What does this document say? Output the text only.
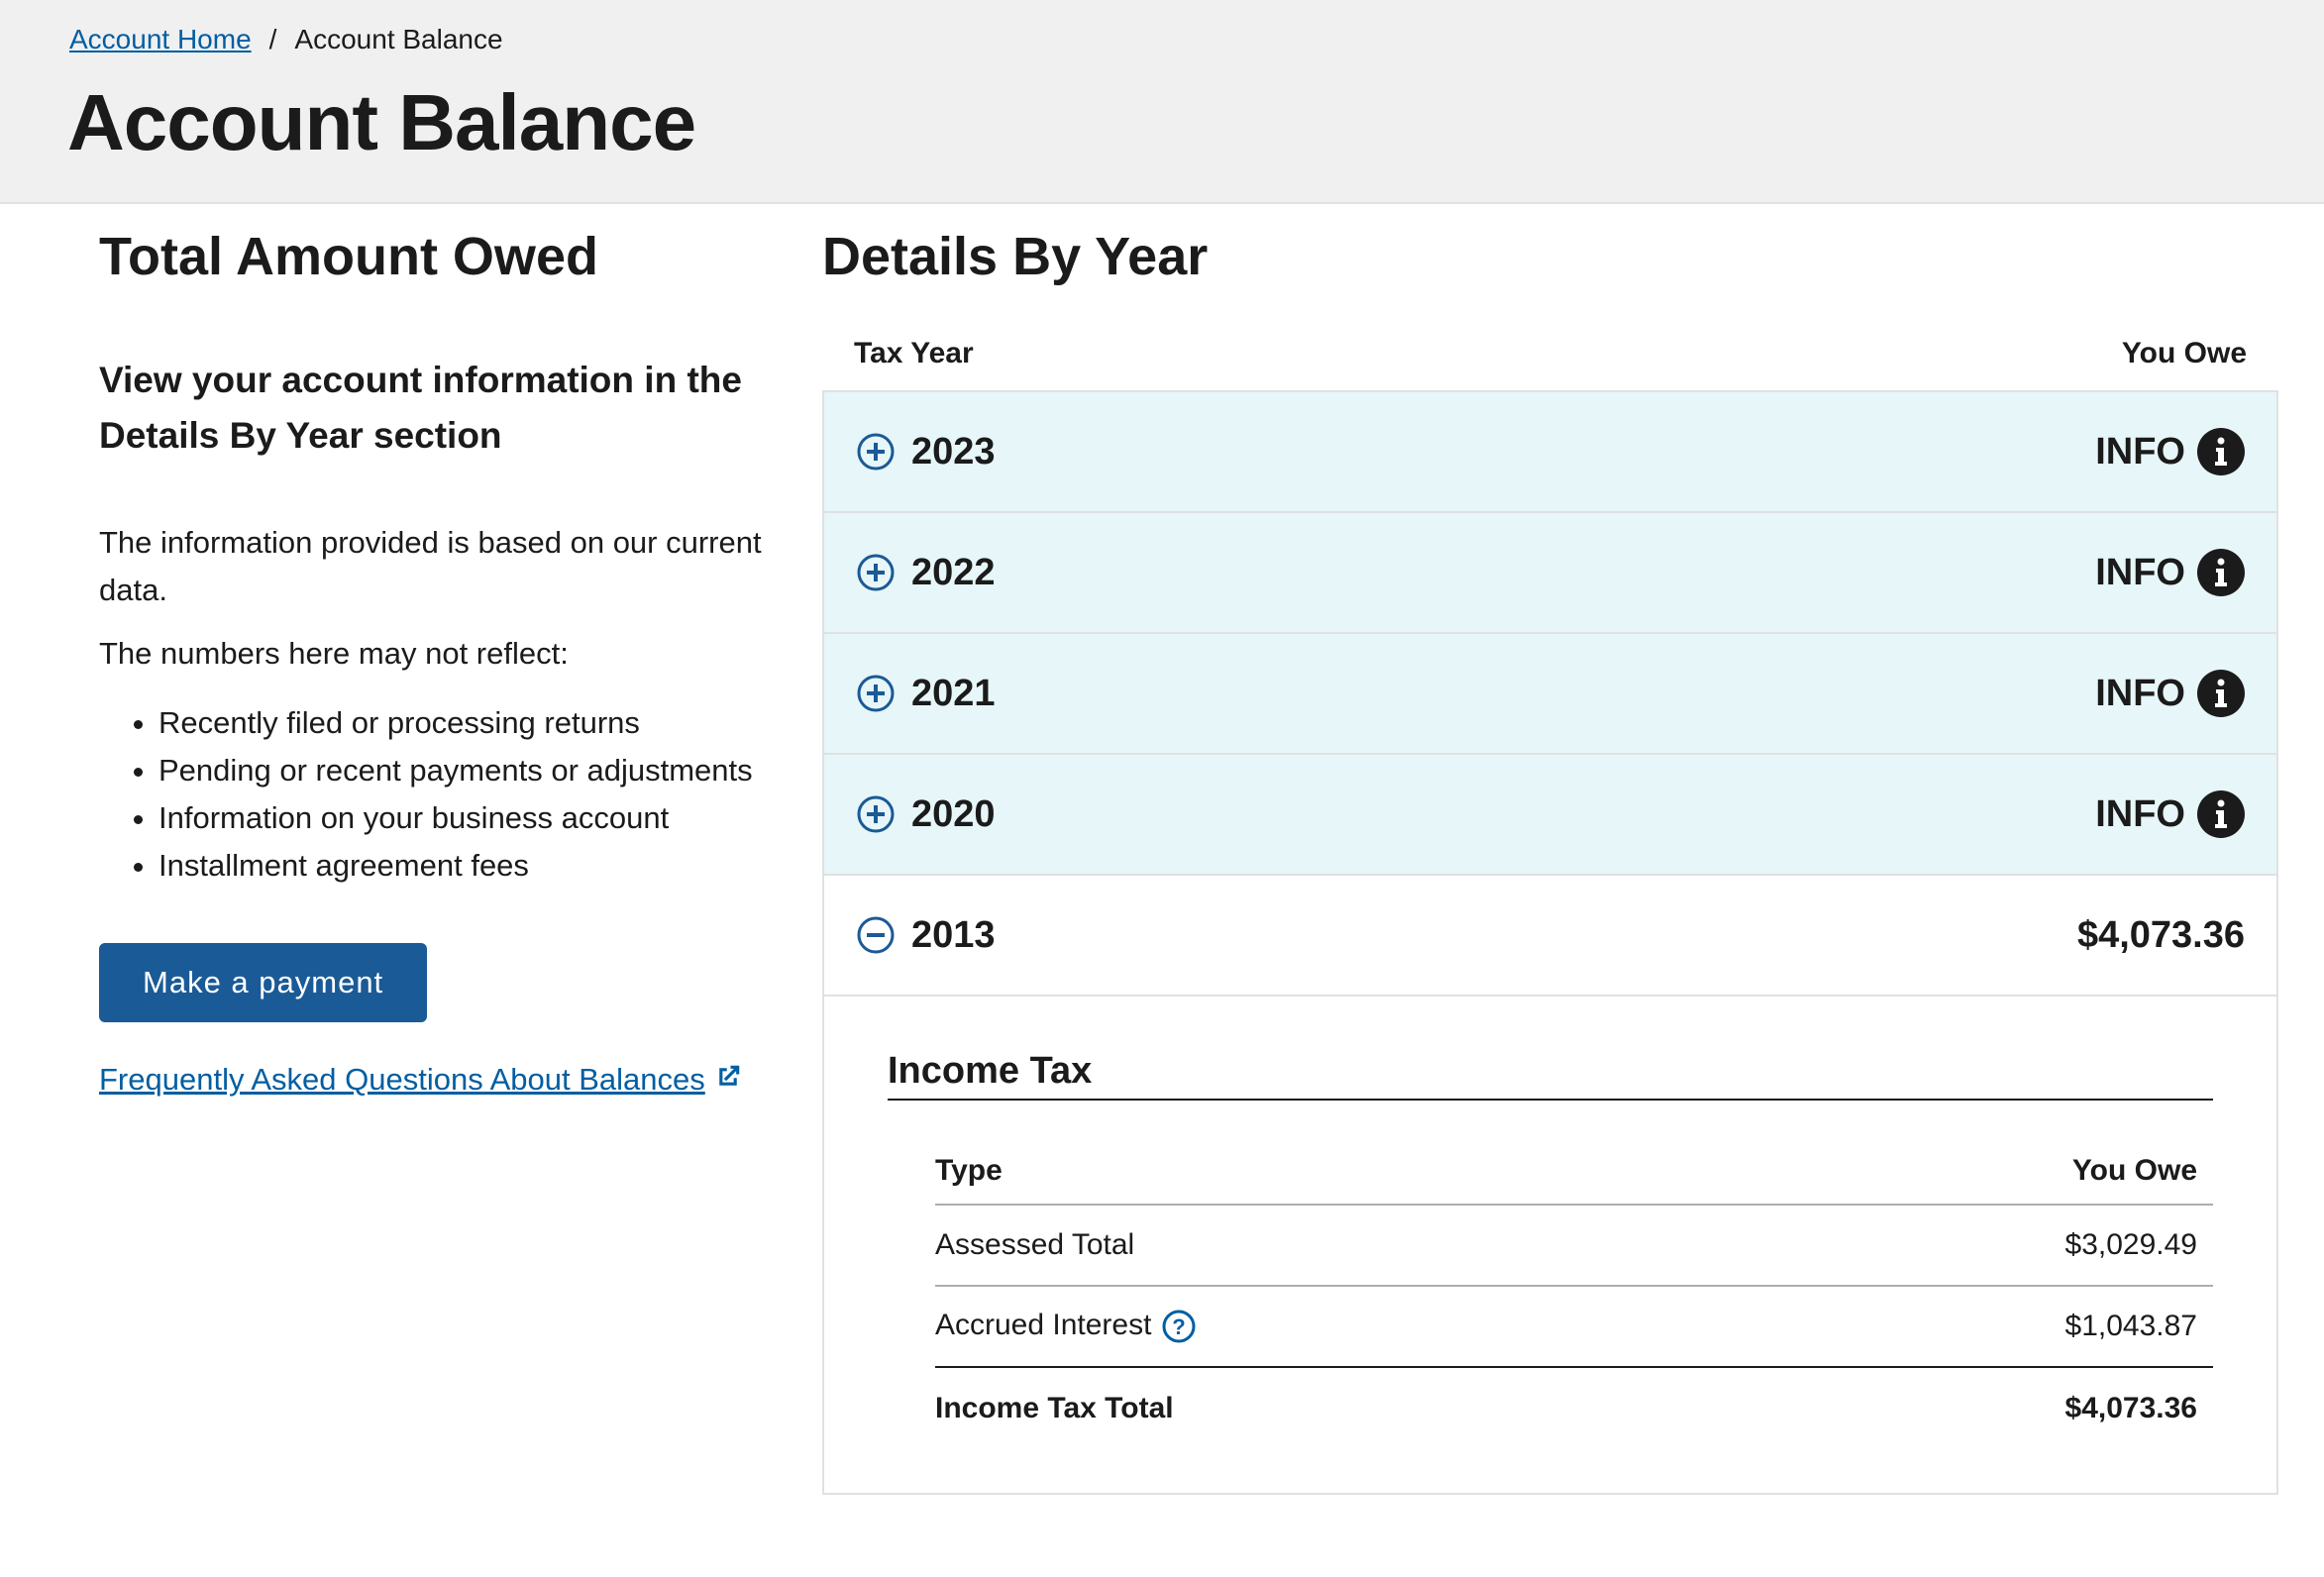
Account Home / Account Balance
Account Balance
Total Amount Owed
View your account information in the Details By Year section

The information provided is based on our current data.

The numbers here may not reflect:

• Recently filed or processing returns
• Pending or recent payments or adjustments
• Information on your business account
• Installment agreement fees
Make a payment
Frequently Asked Questions About Balances
Details By Year
Tax Year	You Owe
2023	INFO
2022	INFO
2021	INFO
2020	INFO
2013	$4,073.36
Income Tax
Type	You Owe
Assessed Total	$3,029.49
Accrued Interest ?	$1,043.87
Income Tax Total	$4,073.36
